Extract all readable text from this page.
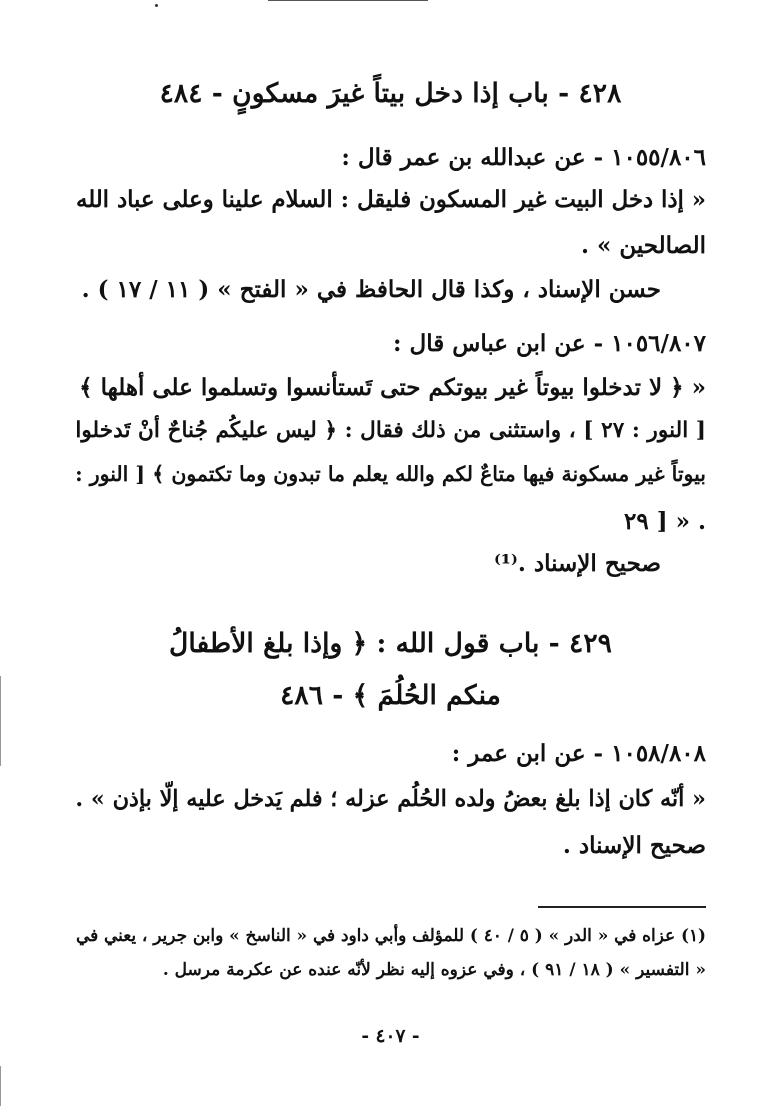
٤٢٨ - باب إذا دخل بيتاً غيرَ مسكونٍ - ٤٨٤
١٠٥٥/٨٠٦ - عن عبدالله بن عمر قال :
« إذا دخل البيت غير المسكون فليقل : السلام علينا وعلى عباد الله
الصالحين » .
حسن الإسناد ، وكذا قال الحافظ في « الفتح » ( ١١ / ١٧ ) .
١٠٥٦/٨٠٧ - عن ابن عباس قال :
« ﴿ لا تدخلوا بيوتاً غير بيوتكم حتى تَستأنسوا وتسلموا على أهلها ﴾
[ النور : ٢٧ ] ، واستثنى من ذلك فقال : ﴿ ليس عليكُم جُناحٌ أنْ تَدخلوا
بيوتاً غير مسكونة فيها متاعٌ لكم والله يعلم ما تبدون وما تكتمون ﴾ [ النور :
٢٩ ] » .
صحيح الإسناد .⁽¹⁾
٤٢٩ - باب قول الله : ﴿ وإذا بلغ الأطفالُ
منكم الحُلُمَ ﴾ - ٤٨٦
١٠٥٨/٨٠٨ - عن ابن عمر :
« أنّه كان إذا بلغ بعضُ ولده الحُلُم عزله ؛ فلم يَدخل عليه إلّا بإذن » .
صحيح الإسناد .
(١) عزاه في « الدر » ( ٥ / ٤٠ ) للمؤلف وأبي داود في « الناسخ » وابن جرير ، يعني في
« التفسير » ( ١٨ / ٩١ ) ، وفي عزوه إليه نظر لأنّه عنده عن عكرمة مرسل .
- ٤٠٧ -
